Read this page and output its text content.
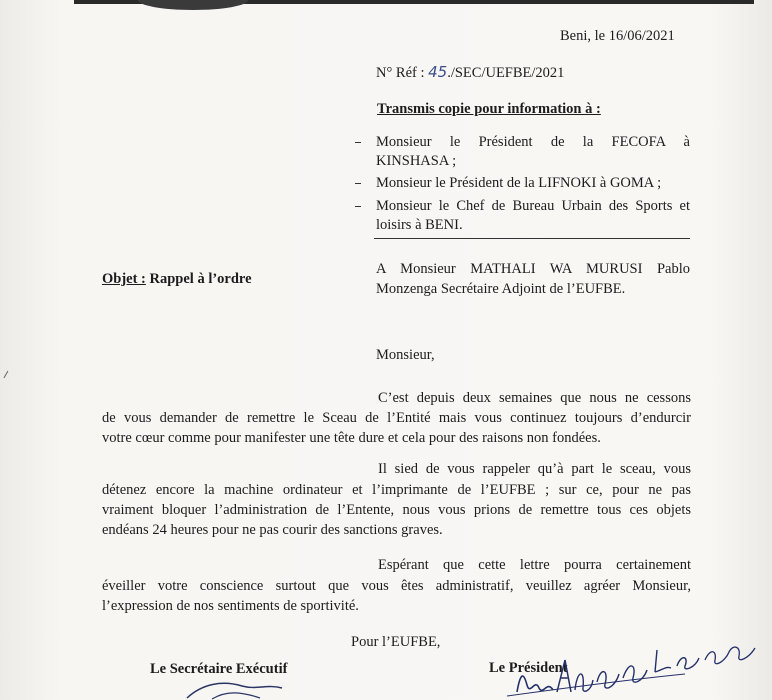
Beni, le 16/06/2021
N° Réf : 45./SEC/UEFBE/2021
Transmis copie pour information à :
Monsieur le Président de la FECOFA à
KINSHASA ;
Monsieur le Président de la LIFNOKI à GOMA ;
Monsieur le Chef de Bureau Urbain des Sports et
loisirs à BENI.
Objet : Rappel à l’ordre
A Monsieur MATHALI WA MURUSI Pablo
Monzenga Secrétaire Adjoint de l’EUFBE.
Monsieur,
C’est depuis deux semaines que nous ne cessons
de vous demander de remettre le Sceau de l’Entité mais vous continuez toujours d’endurcir
votre cœur comme pour manifester une tête dure et cela pour des raisons non fondées.
Il sied de vous rappeler qu’à part le sceau, vous
détenez encore la machine ordinateur et l’imprimante de l’EUFBE ; sur ce, pour ne pas
vraiment bloquer l’administration de l’Entente, nous vous prions de remettre tous ces objets
endéans 24 heures pour ne pas courir des sanctions graves.
Espérant que cette lettre pourra certainement
éveiller votre conscience surtout que vous êtes administratif, veuillez agréer Monsieur,
l’expression de nos sentiments de sportivité.
Pour l’EUFBE,
Le Secrétaire Exécutif	Le Président
